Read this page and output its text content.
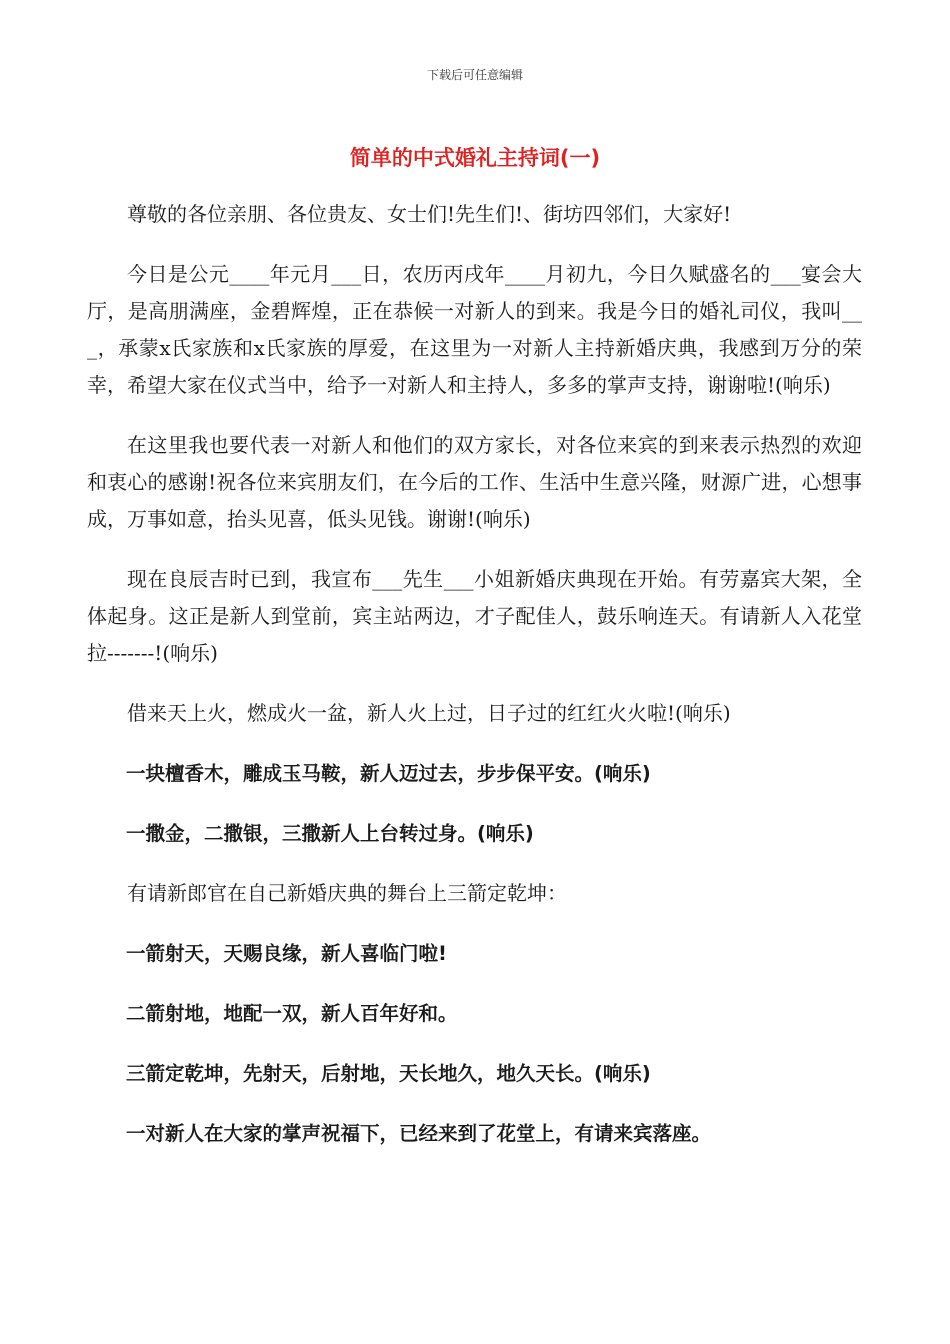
下载后可任意编辑
简单的中式婚礼主持词(一)

尊敬的各位亲朋、各位贵友、女士们!先生们!、街坊四邻们，大家好!

今日是公元____年元月___日，农历丙戌年____月初九，今日久赋盛名的___宴会大厅，是高朋满座，金碧辉煌，正在恭候一对新人的到来。我是今日的婚礼司仪，我叫___，承蒙x氏家族和x氏家族的厚爱，在这里为一对新人主持新婚庆典，我感到万分的荣幸，希望大家在仪式当中，给予一对新人和主持人，多多的掌声支持，谢谢啦!(响乐)

在这里我也要代表一对新人和他们的双方家长，对各位来宾的到来表示热烈的欢迎和衷心的感谢!祝各位来宾朋友们，在今后的工作、生活中生意兴隆，财源广进，心想事成，万事如意，抬头见喜，低头见钱。谢谢!(响乐)

现在良辰吉时已到，我宣布___先生___小姐新婚庆典现在开始。有劳嘉宾大架，全体起身。这正是新人到堂前，宾主站两边，才子配佳人，鼓乐响连天。有请新人入花堂拉-------!(响乐)

借来天上火，燃成火一盆，新人火上过，日子过的红红火火啦!(响乐)

一块檀香木，雕成玉马鞍，新人迈过去，步步保平安。(响乐)

一撒金，二撒银，三撒新人上台转过身。(响乐)

有请新郎官在自己新婚庆典的舞台上三箭定乾坤：

一箭射天，天赐良缘，新人喜临门啦!

二箭射地，地配一双，新人百年好和。

三箭定乾坤，先射天，后射地，天长地久，地久天长。(响乐)

一对新人在大家的掌声祝福下，已经来到了花堂上，有请来宾落座。
